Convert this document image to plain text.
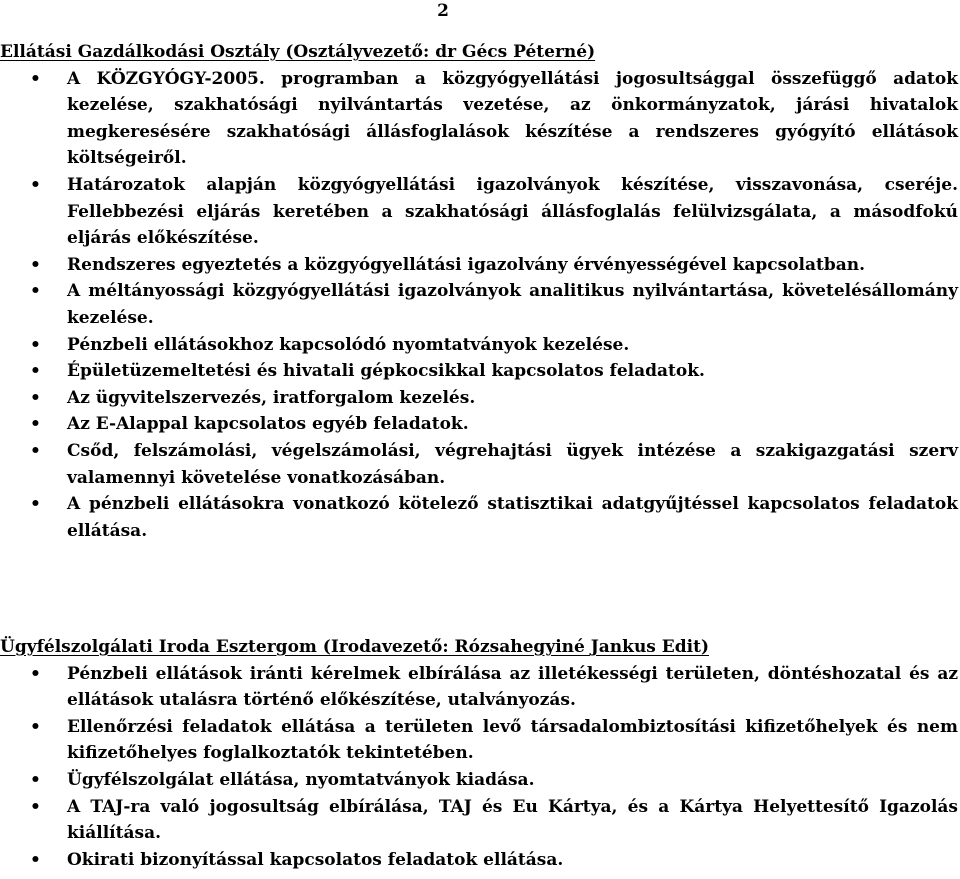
2
Ellátási Gazdálkodási Osztály (Osztályvezető: dr Gécs Péterné)
• A KÖZGYÓGY-2005. programban a közgyógyellátási jogosultsággal összefüggő adatok kezelése, szakhatósági nyilvántartás vezetése, az önkormányzatok, járási hivatalok megkeresésére szakhatósági állásfoglalások készítése a rendszeres gyógyító ellátások költségeiről.
• Határozatok alapján közgyógyellátási igazolványok készítése, visszavonása, cseréje. Fellebbezési eljárás keretében a szakhatósági állásfoglalás felülvizsgálata, a másodfokú eljárás előkészítése.
• Rendszeres egyeztetés a közgyógyellátási igazolvány érvényességével kapcsolatban.
• A méltányossági közgyógyellátási igazolványok analitikus nyilvántartása, követelésállomány kezelése.
• Pénzbeli ellátásokhoz kapcsolódó nyomtatványok kezelése.
• Épületüzemeltetési és hivatali gépkocsikkal kapcsolatos feladatok.
• Az ügyvitelszervezés, iratforgalom kezelés.
• Az E-Alappal kapcsolatos egyéb feladatok.
• Csőd, felszámolási, végelszámolási, végrehajtási ügyek intézése a szakigazgatási szerv valamennyi követelése vonatkozásában.
• A pénzbeli ellátásokra vonatkozó kötelező statisztikai adatgyűjtéssel kapcsolatos feladatok ellátása.
Ügyfélszolgálati Iroda Esztergom (Irodavezető: Rózsahegyiné Jankus Edit)
• Pénzbeli ellátások iránti kérelmek elbírálása az illetékességi területen, döntéshozatal és az ellátások utalásra történő előkészítése, utalványozás.
• Ellenőrzési feladatok ellátása a területen levő társadalombiztosítási kifizetőhelyek és nem kifizetőhelyes foglalkoztatók tekintetében.
• Ügyfélszolgálat ellátása, nyomtatványok kiadása.
• A TAJ-ra való jogosultság elbírálása, TAJ és Eu Kártya, és a Kártya Helyettesítő Igazolás kiállítása.
• Okirati bizonyítással kapcsolatos feladatok ellátása.
